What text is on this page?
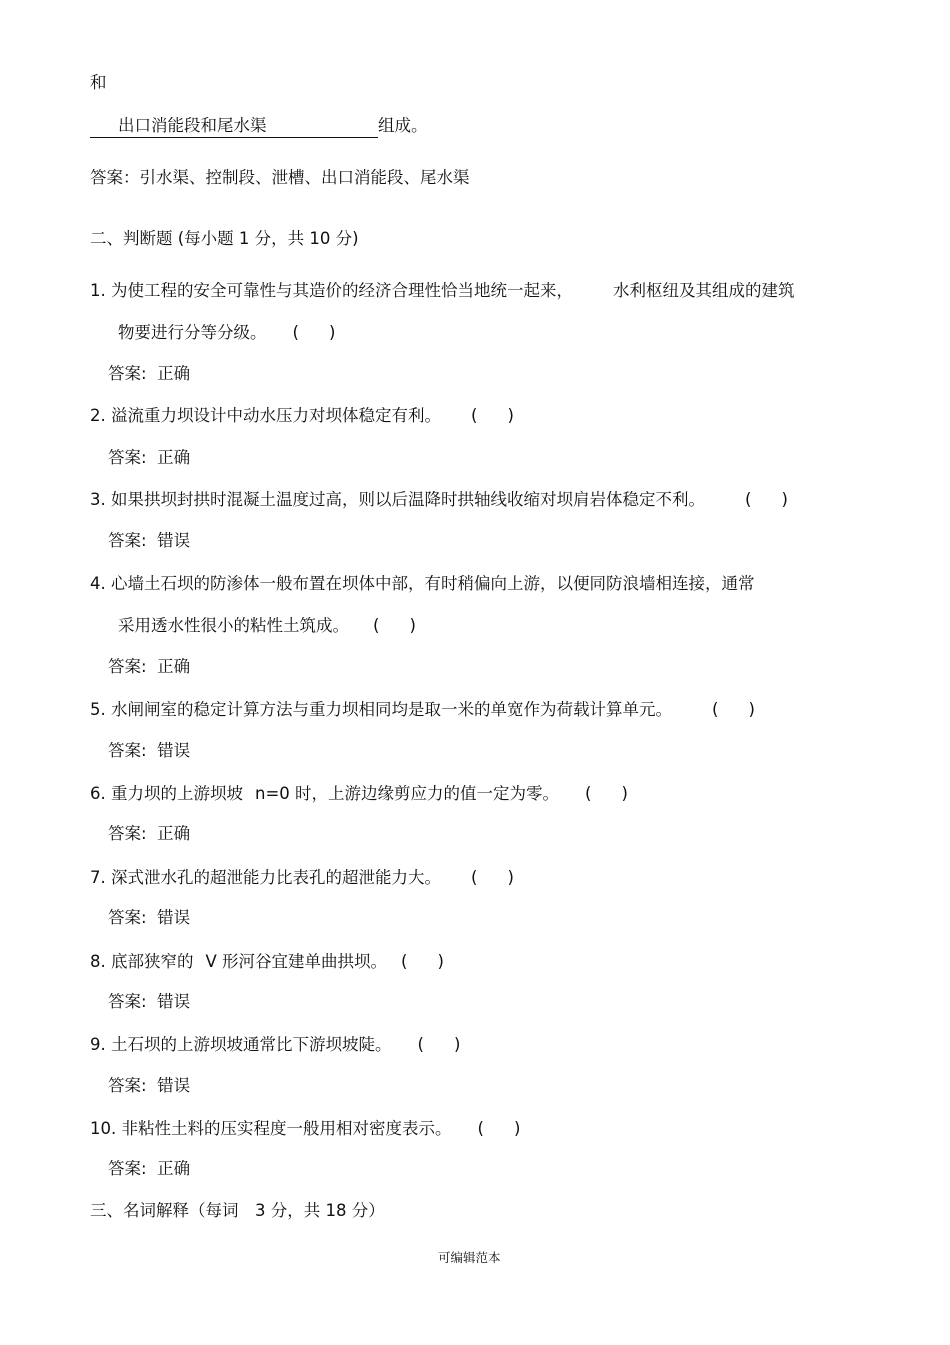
和
出口消能段和尾水渠	组成。
答案：引水渠、控制段、泄槽、出口消能段、尾水渠
二、判断题 (每小题 1 分，共 10 分)
1. 为使工程的安全可靠性与其造价的经济合理性恰当地统一起来， 水利枢纽及其组成的建筑
物要进行分等分级。 ( )
答案: 正确
2. 溢流重力坝设计中动水压力对坝体稳定有利。 ( )
答案: 正确
3. 如果拱坝封拱时混凝土温度过高，则以后温降时拱轴线收缩对坝肩岩体稳定不利。 ( )
答案: 错误
4. 心墙土石坝的防渗体一般布置在坝体中部，有时稍偏向上游，以便同防浪墙相连接，通常
采用透水性很小的粘性土筑成。 ( )
答案: 正确
5. 水闸闸室的稳定计算方法与重力坝相同均是取一米的单宽作为荷载计算单元。 ( )
答案: 错误
6. 重力坝的上游坝坡 n=0 时，上游边缘剪应力的值一定为零。 ( )
答案: 正确
7. 深式泄水孔的超泄能力比表孔的超泄能力大。 ( )
答案: 错误
8. 底部狭窄的 V 形河谷宜建单曲拱坝。 ( )
答案: 错误
9. 土石坝的上游坝坡通常比下游坝坡陡。 ( )
答案: 错误
10. 非粘性土料的压实程度一般用相对密度表示。 ( )
答案: 正确
三、名词解释（每词　3 分，共 18 分）
可编辑范本
